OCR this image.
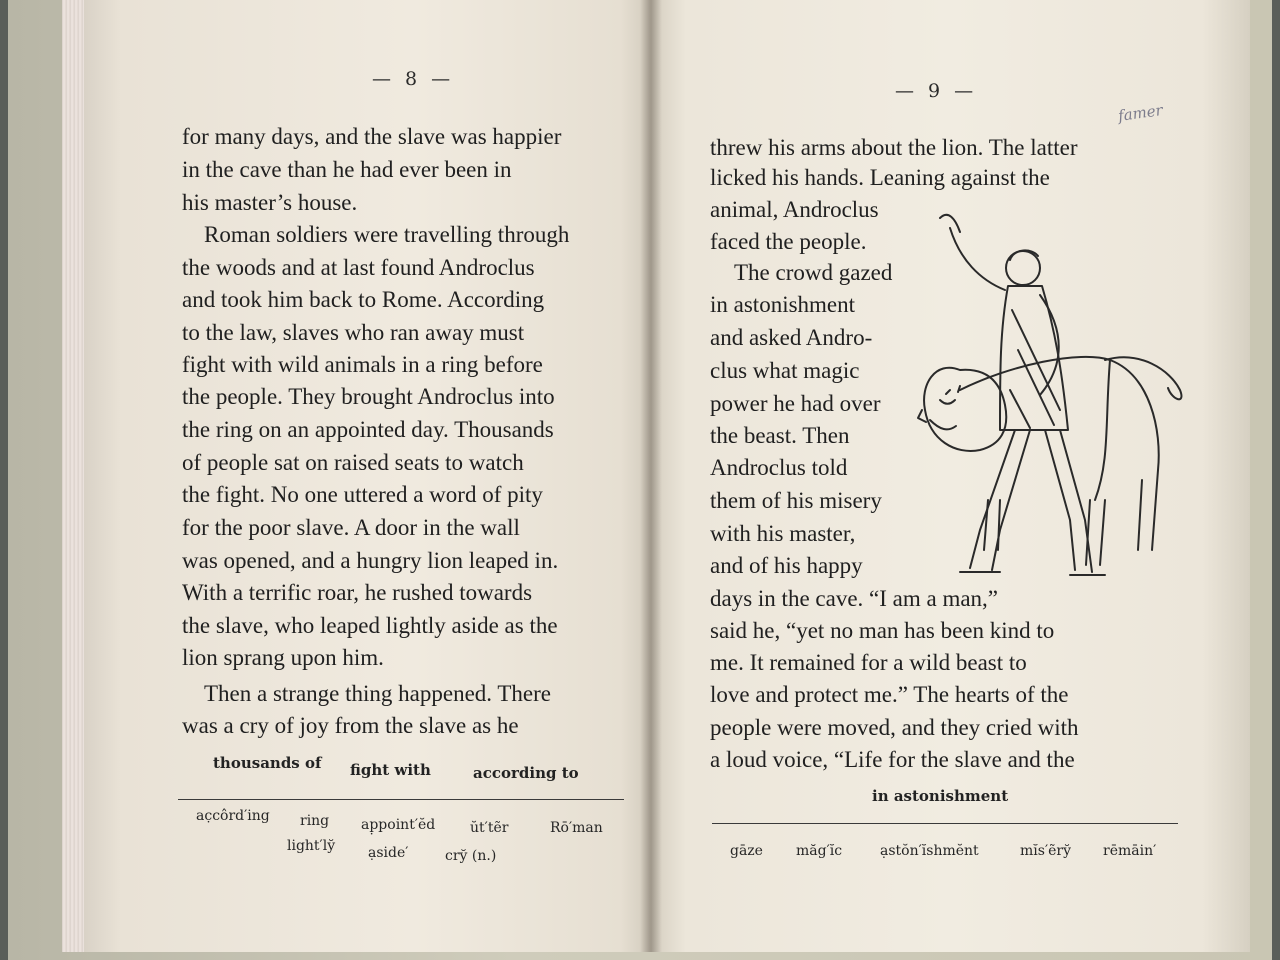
— 8 —
for many days, and the slave was happier
in the cave than he had ever been in
his master’s house.
Roman soldiers were travelling through
the woods and at last found Androclus
and took him back to Rome. According
to the law, slaves who ran away must
fight with wild animals in a ring before
the people. They brought Androclus into
the ring on an appointed day. Thousands
of people sat on raised seats to watch
the fight. No one uttered a word of pity
for the poor slave. A door in the wall
was opened, and a hungry lion leaped in.
With a terrific roar, he rushed towards
the slave, who leaped lightly aside as the
lion sprang upon him.
Then a strange thing happened. There
was a cry of joy from the slave as he
thousands of fight with	according to
ac̣côrd′ing ring ap̣point′ĕd ŭt′tẽr	Rō′man
light′ly̆ ạside′	cry̆ (n.)
— 9 —
famer
threw his arms about the lion. The latter
licked his hands. Leaning against the
animal, Androclus
faced the people.
The crowd gazed
in astonishment
and asked Andro-
clus what magic
power he had over
the beast. Then
Androclus told
them of his misery
with his master,
and of his happy
days in the cave. “I am a man,”
said he, “yet no man has been kind to
me. It remained for a wild beast to
love and protect me.” The hearts of the
people were moved, and they cried with
a loud voice, “Life for the slave and the
in astonishment
gāze măg′ĭc	ạstŏn′ĭshmĕnt	mĭs′ẽry̆ rēmāin′
